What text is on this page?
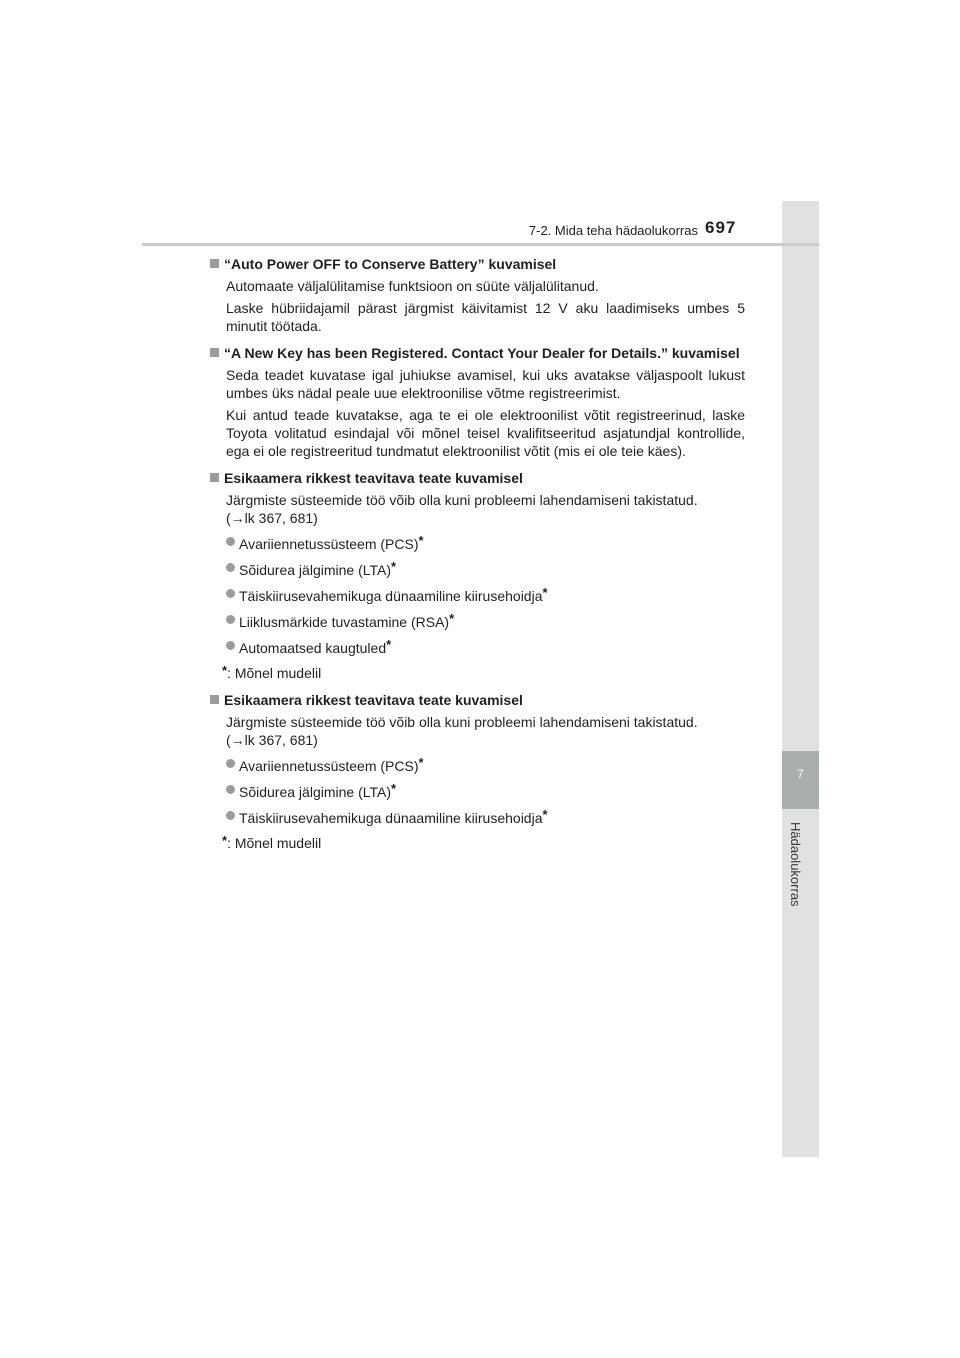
7
Hädaolukorras
7-2. Mida teha hädaolukorras 697
“Auto Power OFF to Conserve Battery” kuvamisel
Automaate väljalülitamise funktsioon on süüte väljalülitanud.
Laske hübriidajamil pärast järgmist käivitamist 12 V aku laadimiseks umbes 5 minutit töötada.
“A New Key has been Registered. Contact Your Dealer for Details.” kuvamisel
Seda teadet kuvatase igal juhiukse avamisel, kui uks avatakse väljaspoolt lukust umbes üks nädal peale uue elektroonilise võtme registreerimist.
Kui antud teade kuvatakse, aga te ei ole elektroonilist võtit registreerinud, laske Toyota volitatud esindajal või mõnel teisel kvalifitseeritud asjatundjal kontrollide, ega ei ole registreeritud tundmatut elektroonilist võtit (mis ei ole teie käes).
Esikaamera rikkest teavitava teate kuvamisel
Järgmiste süsteemide töö võib olla kuni probleemi lahendamiseni takistatud.
(→lk 367, 681)
Avariiennetussüsteem (PCS)*
Sõidurea jälgimine (LTA)*
Täiskiirusevahemikuga dünaamiline kiirusehoidja*
Liiklusmärkide tuvastamine (RSA)*
Automaatsed kaugtuled*
*: Mõnel mudelil
Esikaamera rikkest teavitava teate kuvamisel
Järgmiste süsteemide töö võib olla kuni probleemi lahendamiseni takistatud.
(→lk 367, 681)
Avariiennetussüsteem (PCS)*
Sõidurea jälgimine (LTA)*
Täiskiirusevahemikuga dünaamiline kiirusehoidja*
*: Mõnel mudelil
